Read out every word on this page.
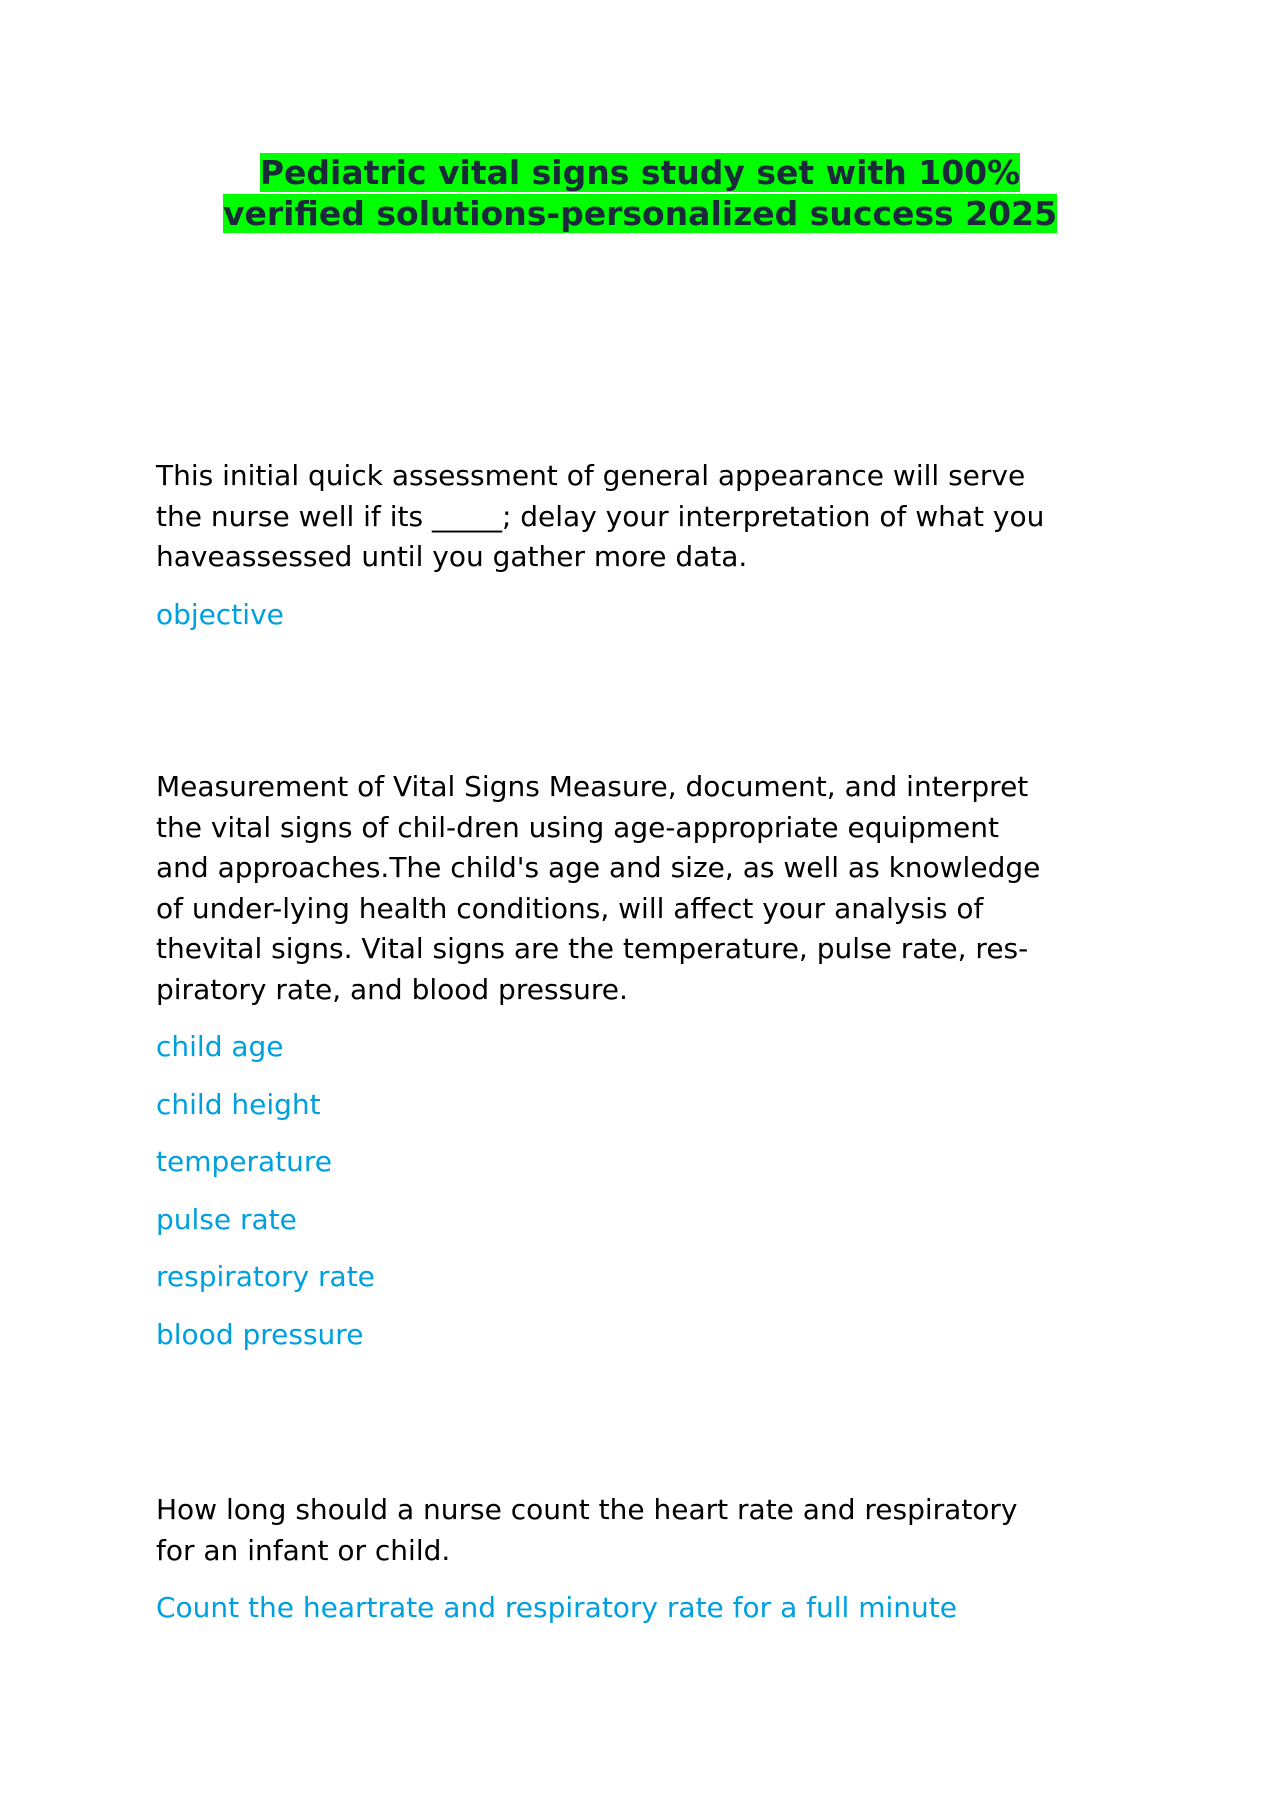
Pediatric vital signs study set with 100%
verified solutions-personalized success 2025

This initial quick assessment of general appearance will serve
the nurse well if its _____; delay your interpretation of what you
haveassessed until you gather more data.

objective

Measurement of Vital Signs Measure, document, and interpret
the vital signs of chil-dren using age-appropriate equipment
and approaches.The child's age and size, as well as knowledge
of under-lying health conditions, will affect your analysis of
thevital signs. Vital signs are the temperature, pulse rate, res-
piratory rate, and blood pressure.

child age

child height

temperature

pulse rate

respiratory rate

blood pressure

How long should a nurse count the heart rate and respiratory
for an infant or child.

Count the heartrate and respiratory rate for a full minute
